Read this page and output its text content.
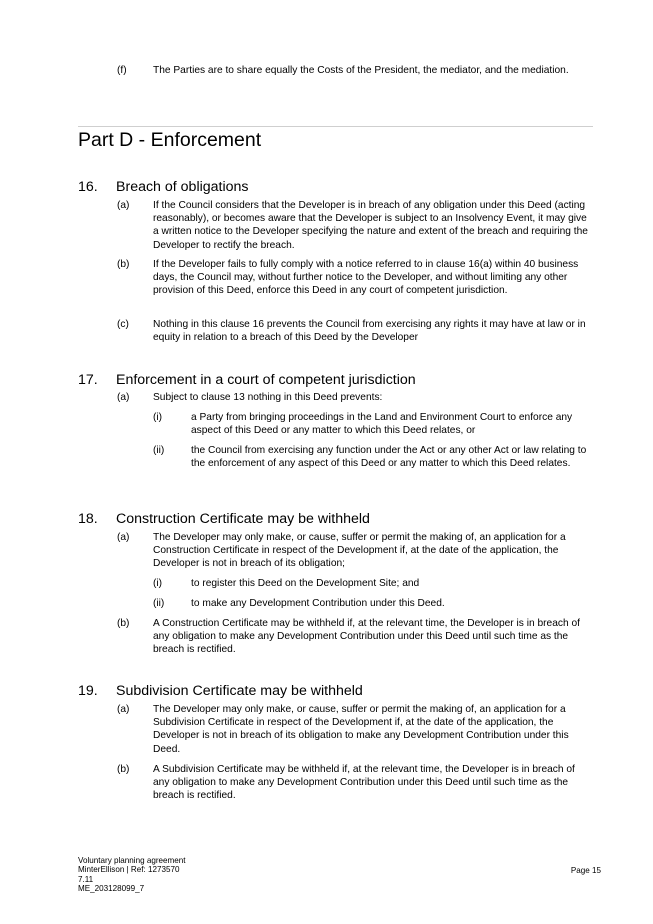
(f)	The Parties are to share equally the Costs of the President, the mediator, and the mediation.

Part D - Enforcement
16. Breach of obligations
(a) If the Council considers that the Developer is in breach of any obligation under this Deed (acting reasonably), or becomes aware that the Developer is subject to an Insolvency Event, it may give a written notice to the Developer specifying the nature and extent of the breach and requiring the Developer to rectify the breach.

(b) If the Developer fails to fully comply with a notice referred to in clause 16(a) within 40 business days, the Council may, without further notice to the Developer, and without limiting any other provision of this Deed, enforce this Deed in any court of competent jurisdiction.

(c) Nothing in this clause 16 prevents the Council from exercising any rights it may have at law or in equity in relation to a breach of this Deed by the Developer

17. Enforcement in a court of competent jurisdiction
(a) Subject to clause 13 nothing in this Deed prevents:

(i)	a Party from bringing proceedings in the Land and Environment Court to enforce any aspect of this Deed or any matter to which this Deed relates, or

(ii)	the Council from exercising any function under the Act or any other Act or law relating to the enforcement of any aspect of this Deed or any matter to which this Deed relates.

18. Construction Certificate may be withheld
(a) The Developer may only make, or cause, suffer or permit the making of, an application for a Construction Certificate in respect of the Development if, at the date of the application, the Developer is not in breach of its obligation;

(i)	to register this Deed on the Development Site; and

(ii)	to make any Development Contribution under this Deed.

(b) A Construction Certificate may be withheld if, at the relevant time, the Developer is in breach of any obligation to make any Development Contribution under this Deed until such time as the breach is rectified.

19. Subdivision Certificate may be withheld
(a) The Developer may only make, or cause, suffer or permit the making of, an application for a Subdivision Certificate in respect of the Development if, at the date of the application, the Developer is not in breach of its obligation to make any Development Contribution under this Deed.

(b) A Subdivision Certificate may be withheld if, at the relevant time, the Developer is in breach of any obligation to make any Development Contribution under this Deed until such time as the breach is rectified.

Voluntary planning agreement
MinterEllison | Ref: 1273570
7.11
ME_203128099_7
Page 15
